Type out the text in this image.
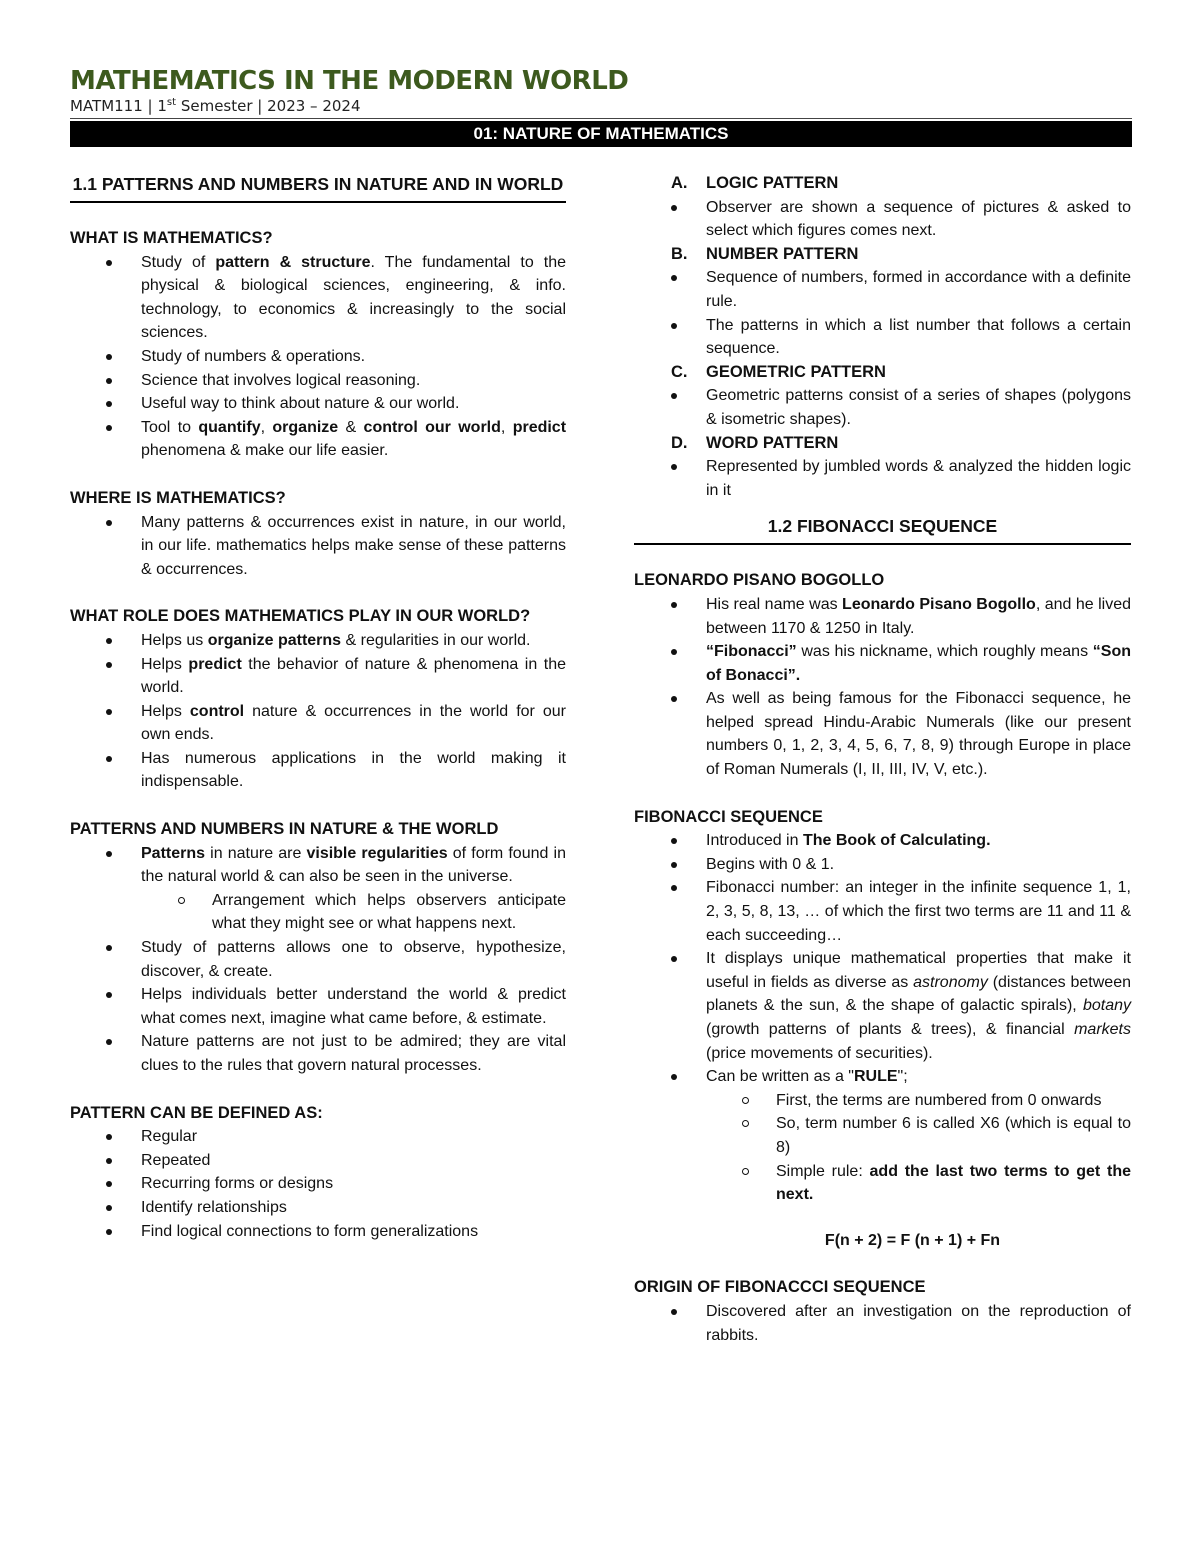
MATHEMATICS IN THE MODERN WORLD
MATM111 | 1st Semester | 2023 – 2024
01: NATURE OF MATHEMATICS
1.1 PATTERNS AND NUMBERS IN NATURE AND IN WORLD
WHAT IS MATHEMATICS?
Study of pattern & structure. The fundamental to the physical & biological sciences, engineering, & info. technology, to economics & increasingly to the social sciences.
Study of numbers & operations.
Science that involves logical reasoning.
Useful way to think about nature & our world.
Tool to quantify, organize & control our world, predict phenomena & make our life easier.
WHERE IS MATHEMATICS?
Many patterns & occurrences exist in nature, in our world, in our life. mathematics helps make sense of these patterns & occurrences.
WHAT ROLE DOES MATHEMATICS PLAY IN OUR WORLD?
Helps us organize patterns & regularities in our world.
Helps predict the behavior of nature & phenomena in the world.
Helps control nature & occurrences in the world for our own ends.
Has numerous applications in the world making it indispensable.
PATTERNS AND NUMBERS IN NATURE & THE WORLD
Patterns in nature are visible regularities of form found in the natural world & can also be seen in the universe.
Arrangement which helps observers anticipate what they might see or what happens next.
Study of patterns allows one to observe, hypothesize, discover, & create.
Helps individuals better understand the world & predict what comes next, imagine what came before, & estimate.
Nature patterns are not just to be admired; they are vital clues to the rules that govern natural processes.
PATTERN CAN BE DEFINED AS:
Regular
Repeated
Recurring forms or designs
Identify relationships
Find logical connections to form generalizations
A. LOGIC PATTERN
Observer are shown a sequence of pictures & asked to select which figures comes next.
B. NUMBER PATTERN
Sequence of numbers, formed in accordance with a definite rule.
The patterns in which a list number that follows a certain sequence.
C. GEOMETRIC PATTERN
Geometric patterns consist of a series of shapes (polygons & isometric shapes).
D. WORD PATTERN
Represented by jumbled words & analyzed the hidden logic in it
1.2 FIBONACCI SEQUENCE
LEONARDO PISANO BOGOLLO
His real name was Leonardo Pisano Bogollo, and he lived between 1170 & 1250 in Italy.
“Fibonacci” was his nickname, which roughly means “Son of Bonacci”.
As well as being famous for the Fibonacci sequence, he helped spread Hindu-Arabic Numerals (like our present numbers 0, 1, 2, 3, 4, 5, 6, 7, 8, 9) through Europe in place of Roman Numerals (I, II, III, IV, V, etc.).
FIBONACCI SEQUENCE
Introduced in The Book of Calculating.
Begins with 0 & 1.
Fibonacci number: an integer in the infinite sequence 1, 1, 2, 3, 5, 8, 13, … of which the first two terms are 11 and 11 & each succeeding…
It displays unique mathematical properties that make it useful in fields as diverse as astronomy (distances between planets & the sun, & the shape of galactic spirals), botany (growth patterns of plants & trees), & financial markets (price movements of securities).
Can be written as a "RULE";
First, the terms are numbered from 0 onwards
So, term number 6 is called X6 (which is equal to 8)
Simple rule: add the last two terms to get the next.
F(n + 2) = F (n + 1) + Fn
ORIGIN OF FIBONACCCI SEQUENCE
Discovered after an investigation on the reproduction of rabbits.
